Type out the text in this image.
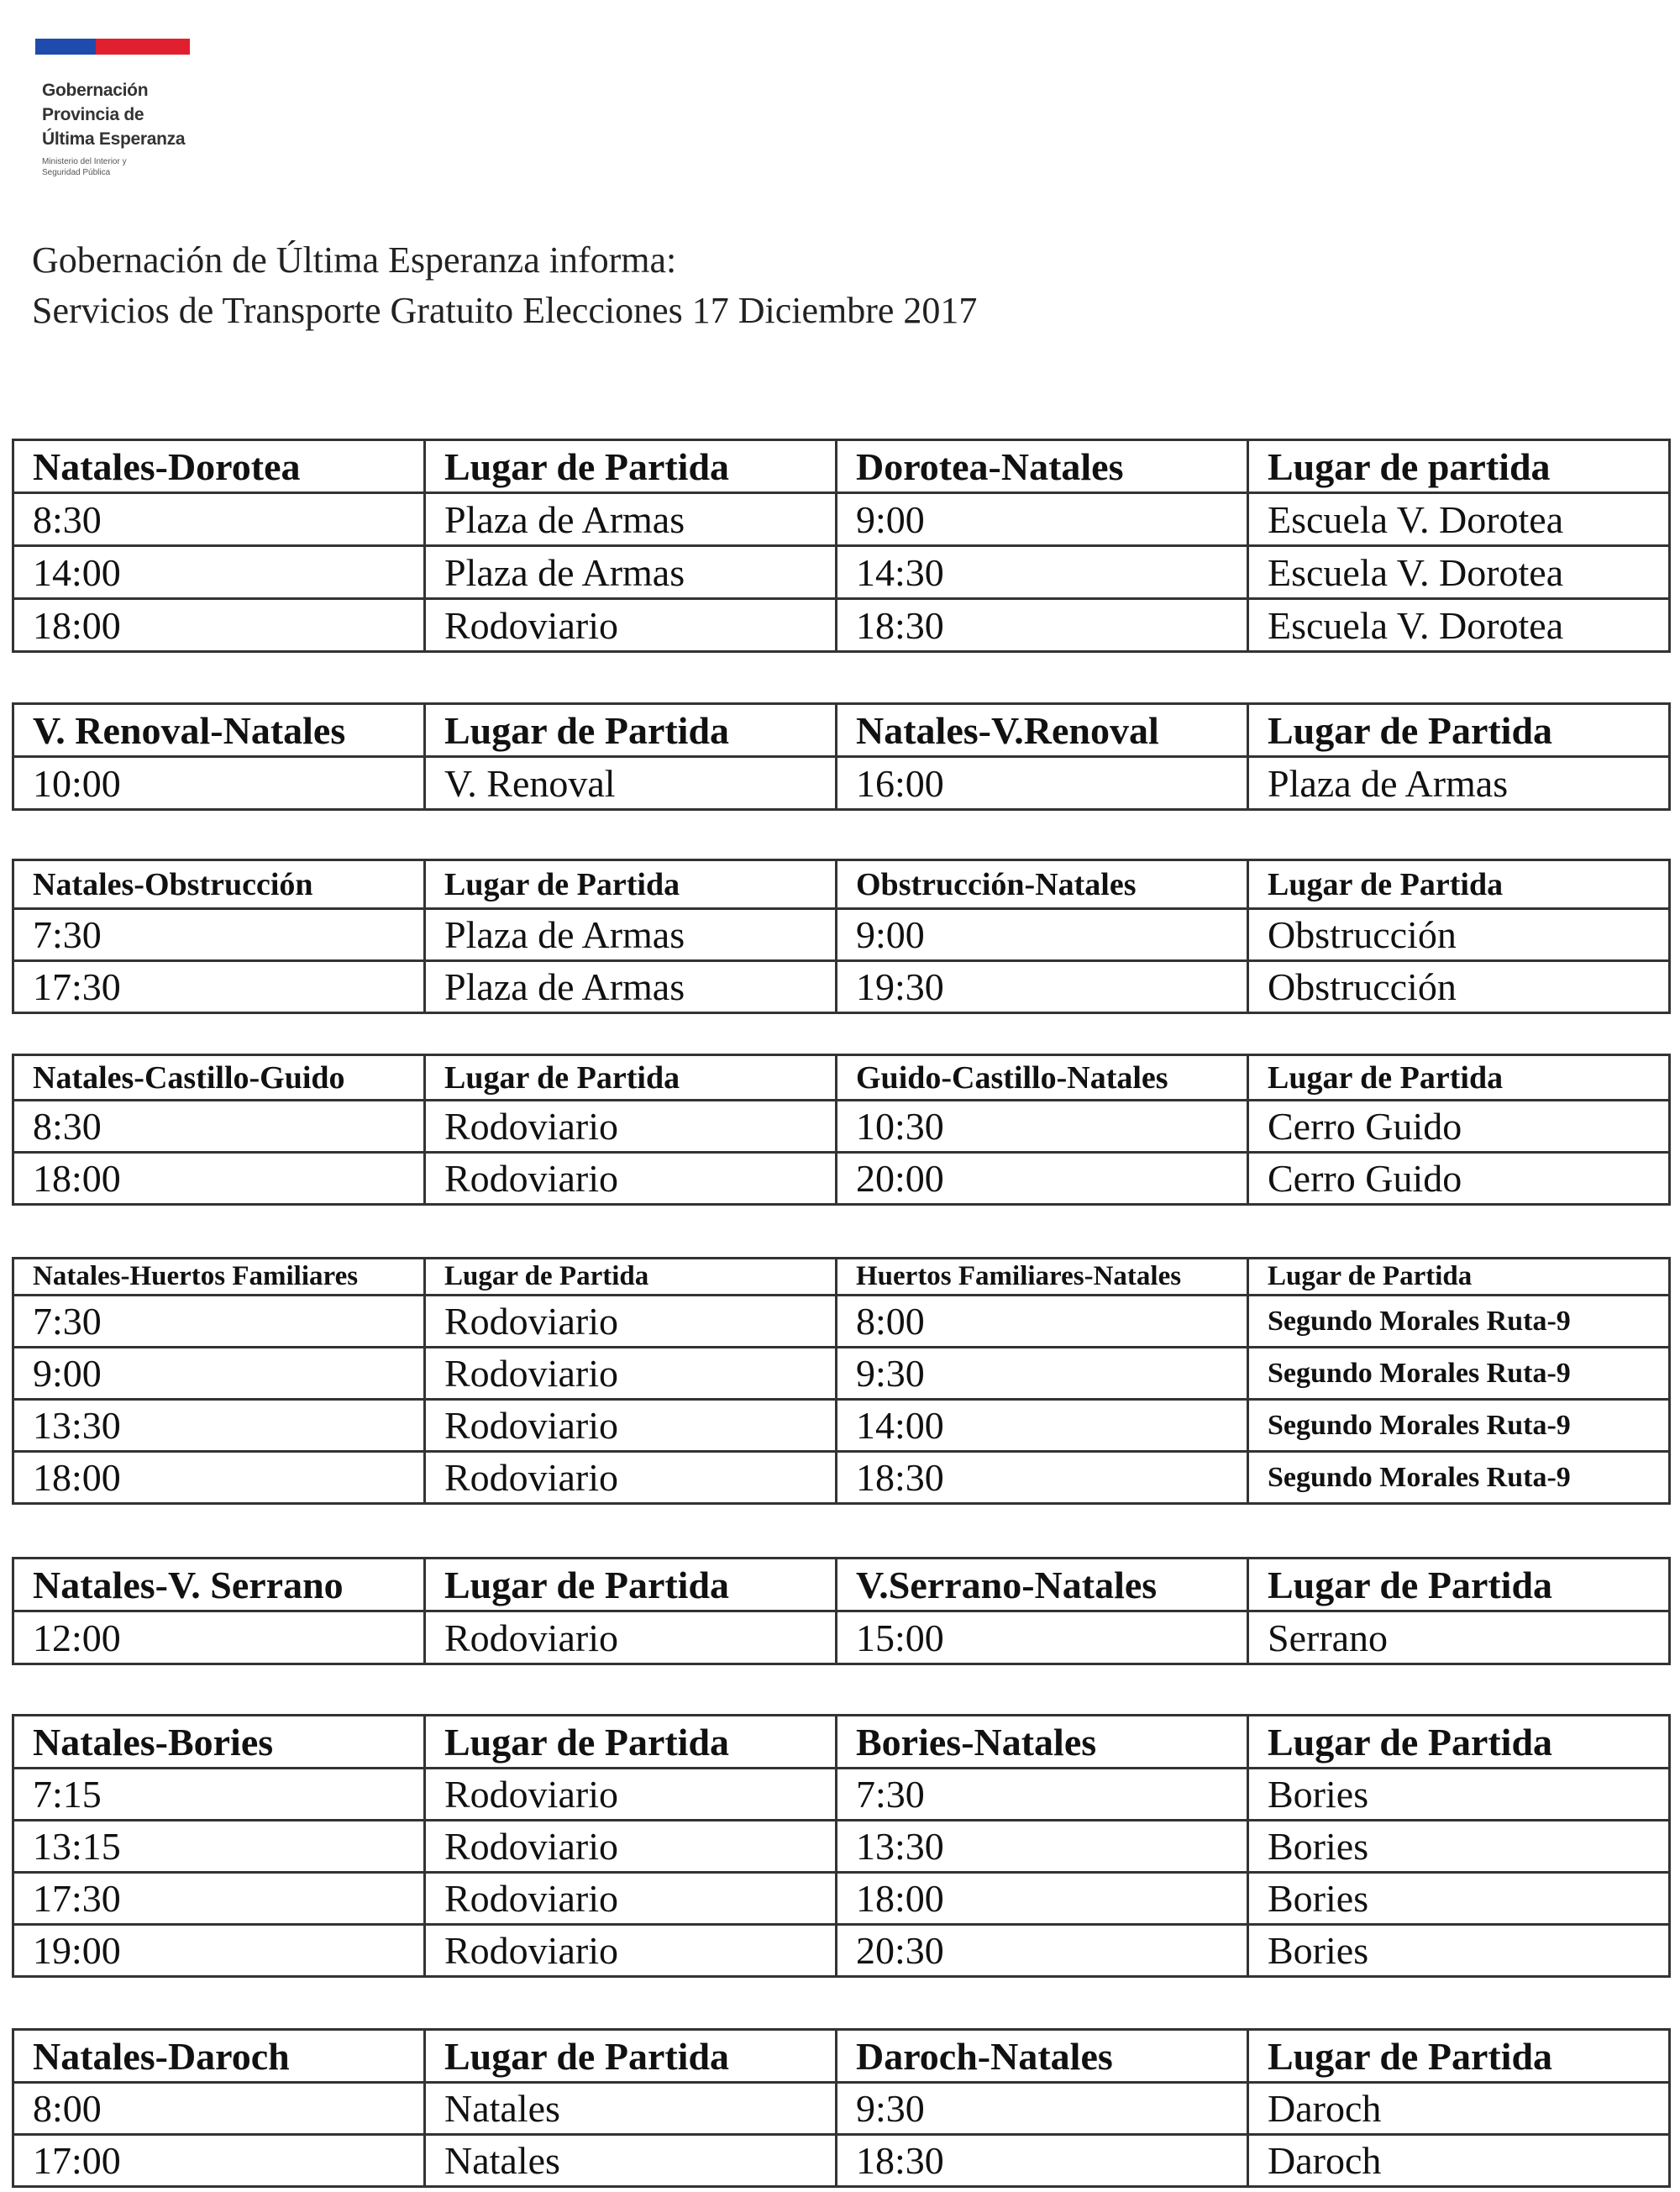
Gobernación
Provincia de
Última Esperanza
Ministerio del Interior y
Seguridad Pública
Gobernación de Última Esperanza informa:
Servicios de Transporte Gratuito Elecciones 17 Diciembre 2017
Natales-Dorotea	Lugar de Partida	Dorotea-Natales	Lugar de partida
8:30	Plaza de Armas	9:00	Escuela V. Dorotea
14:00	Plaza de Armas	14:30	Escuela V. Dorotea
18:00	Rodoviario	18:30	Escuela V. Dorotea
V. Renoval-Natales	Lugar de Partida	Natales-V.Renoval	Lugar de Partida
10:00	V. Renoval	16:00	Plaza de Armas
Natales-Obstrucción	Lugar de Partida	Obstrucción-Natales	Lugar de Partida
7:30	Plaza de Armas	9:00	Obstrucción
17:30	Plaza de Armas	19:30	Obstrucción
Natales-Castillo-Guido	Lugar de Partida	Guido-Castillo-Natales	Lugar de Partida
8:30	Rodoviario	10:30	Cerro Guido
18:00	Rodoviario	20:00	Cerro Guido
Natales-Huertos Familiares	Lugar de Partida	Huertos Familiares-Natales	Lugar de Partida
7:30	Rodoviario	8:00	Segundo Morales Ruta-9
9:00	Rodoviario	9:30	Segundo Morales Ruta-9
13:30	Rodoviario	14:00	Segundo Morales Ruta-9
18:00	Rodoviario	18:30	Segundo Morales Ruta-9
Natales-V. Serrano	Lugar de Partida	V.Serrano-Natales	Lugar de Partida
12:00	Rodoviario	15:00	Serrano
Natales-Bories	Lugar de Partida	Bories-Natales	Lugar de Partida
7:15	Rodoviario	7:30	Bories
13:15	Rodoviario	13:30	Bories
17:30	Rodoviario	18:00	Bories
19:00	Rodoviario	20:30	Bories
Natales-Daroch	Lugar de Partida	Daroch-Natales	Lugar de Partida
8:00	Natales	9:30	Daroch
17:00	Natales	18:30	Daroch
